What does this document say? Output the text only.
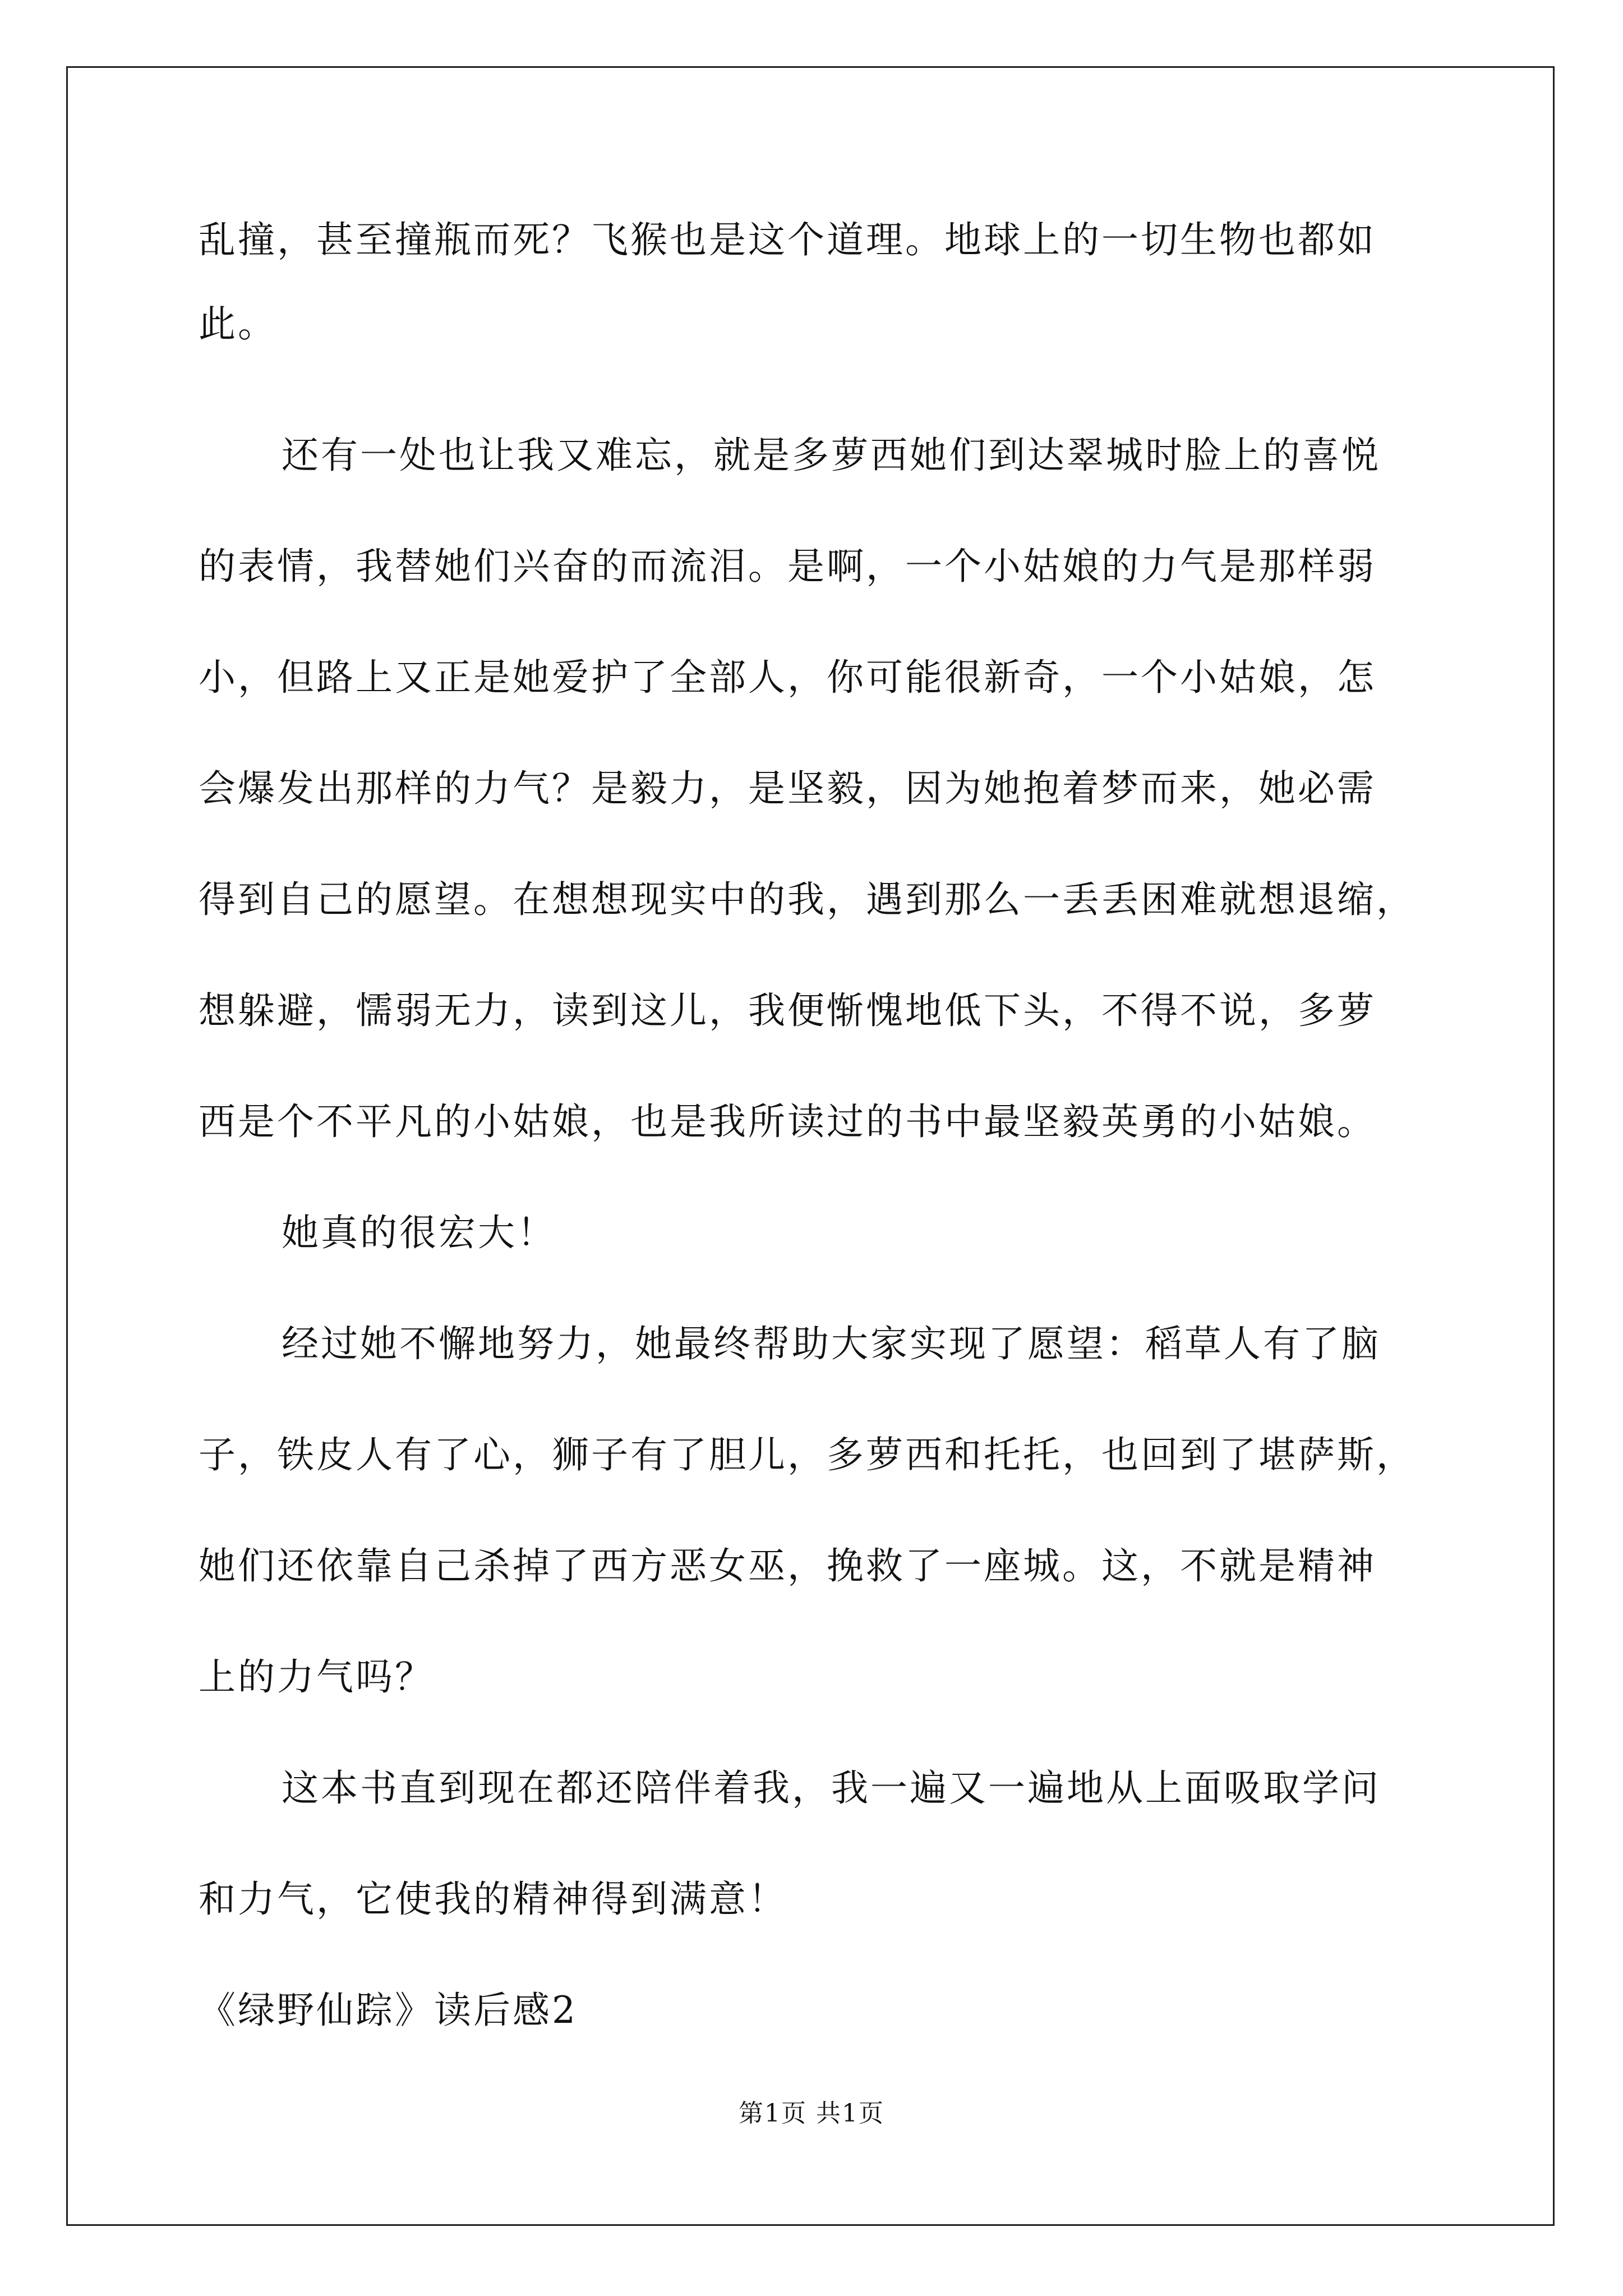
乱撞，甚至撞瓶而死？飞猴也是这个道理。地球上的一切生物也都如
此。
还有一处也让我又难忘，就是多萝西她们到达翠城时脸上的喜悦
的表情，我替她们兴奋的而流泪。是啊，一个小姑娘的力气是那样弱
小，但路上又正是她爱护了全部人，你可能很新奇，一个小姑娘，怎
会爆发出那样的力气？是毅力，是坚毅，因为她抱着梦而来，她必需
得到自己的愿望。在想想现实中的我，遇到那么一丢丢困难就想退缩，
想躲避，懦弱无力，读到这儿，我便惭愧地低下头，不得不说，多萝
西是个不平凡的小姑娘，也是我所读过的书中最坚毅英勇的小姑娘。
她真的很宏大！
经过她不懈地努力，她最终帮助大家实现了愿望：稻草人有了脑
子，铁皮人有了心，狮子有了胆儿，多萝西和托托，也回到了堪萨斯，
她们还依靠自己杀掉了西方恶女巫，挽救了一座城。这，不就是精神
上的力气吗？
这本书直到现在都还陪伴着我，我一遍又一遍地从上面吸取学问
和力气，它使我的精神得到满意！
《绿野仙踪》读后感2
第1页 共1页
